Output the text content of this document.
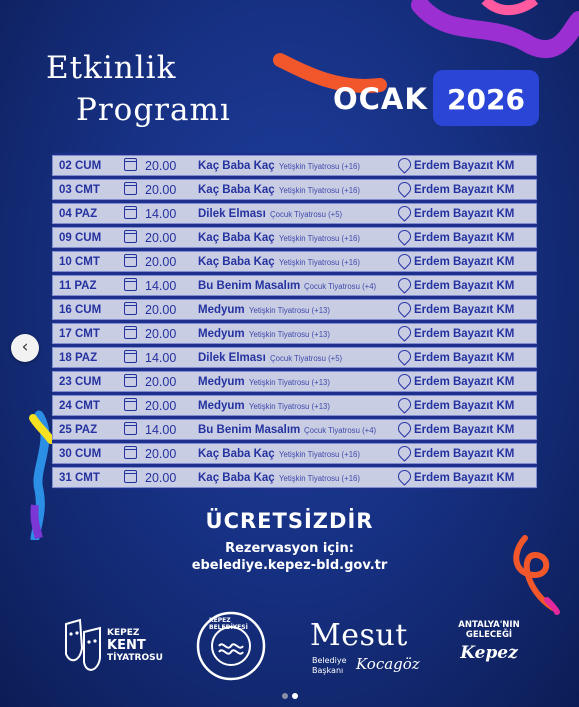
Etkinlik
Programı	OCAK 2026
02 CUM	20.00 Kaç Baba Kaç Yetişkin Tiyatrosu (+16)	Erdem Bayazıt KM
03 CMT	20.00 Kaç Baba Kaç Yetişkin Tiyatrosu (+16)	Erdem Bayazıt KM
04 PAZ	14.00 Dilek Elması Çocuk Tiyatrosu (+5)	Erdem Bayazıt KM
09 CUM	20.00 Kaç Baba Kaç Yetişkin Tiyatrosu (+16)	Erdem Bayazıt KM
10 CMT	20.00 Kaç Baba Kaç Yetişkin Tiyatrosu (+16)	Erdem Bayazıt KM
11 PAZ	14.00 Bu Benim Masalım Çocuk Tiyatrosu (+4)	Erdem Bayazıt KM
16 CUM	20.00 Medyum Yetişkin Tiyatrosu (+13)	Erdem Bayazıt KM
17 CMT	20.00 Medyum Yetişkin Tiyatrosu (+13)	Erdem Bayazıt KM
18 PAZ	14.00 Dilek Elması Çocuk Tiyatrosu (+5)	Erdem Bayazıt KM
23 CUM	20.00 Medyum Yetişkin Tiyatrosu (+13)	Erdem Bayazıt KM
24 CMT	20.00 Medyum Yetişkin Tiyatrosu (+13)	Erdem Bayazıt KM
25 PAZ	14.00 Bu Benim Masalım Çocuk Tiyatrosu (+4)	Erdem Bayazıt KM
30 CUM	20.00 Kaç Baba Kaç Yetişkin Tiyatrosu (+16)	Erdem Bayazıt KM
31 CMT	20.00 Kaç Baba Kaç Yetişkin Tiyatrosu (+16)	Erdem Bayazıt KM
‹
ÜCRETSİZDİR
Rezervasyon için:
ebelediye.kepez-bld.gov.tr
KEPEZ
KENT
TİYATROSU
KEPEZ BELEDİYESİ	Mesut
Belediye
Başkanı Kocagöz
ANTALYA'NIN
GELECEĞİ
Kepez
